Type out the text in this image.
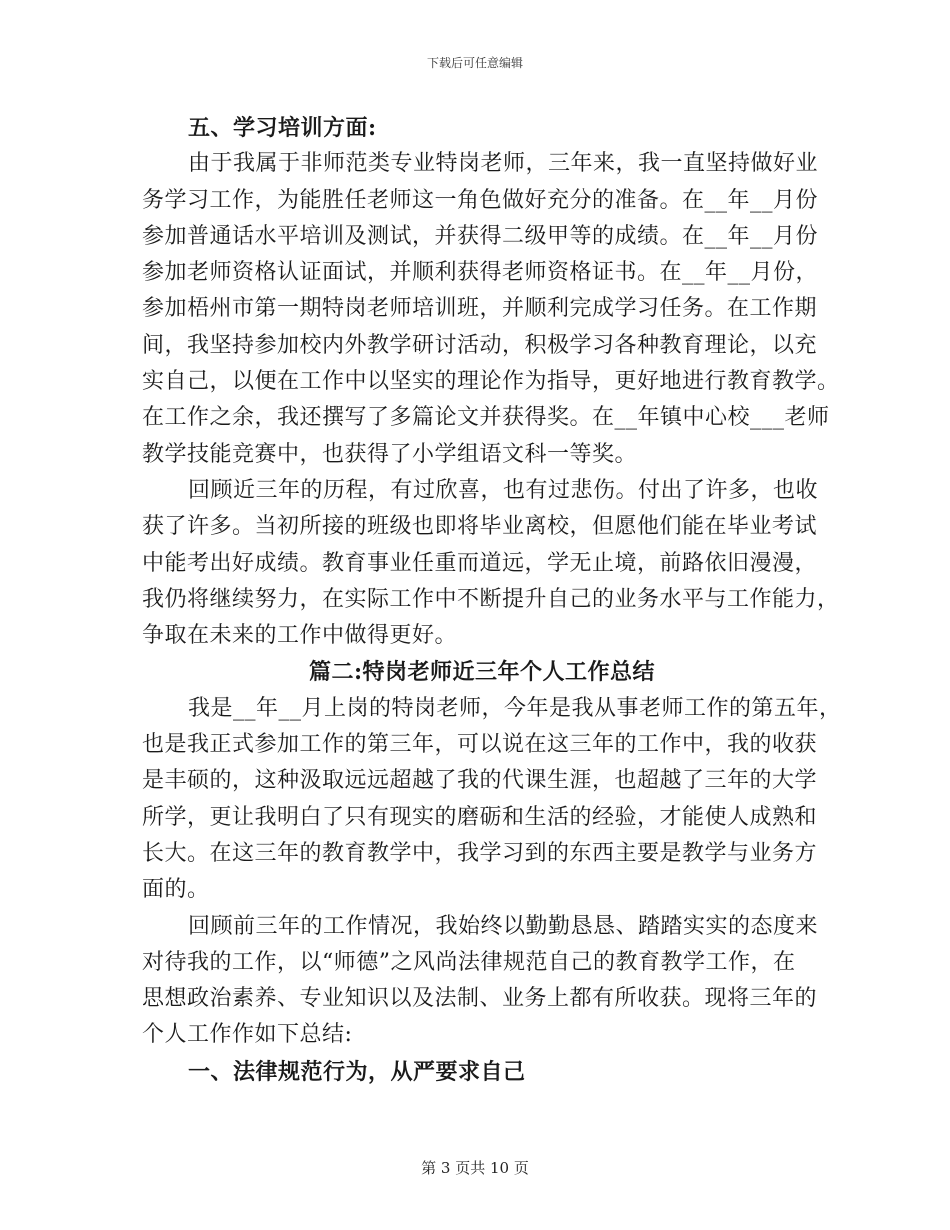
下载后可任意编辑
五、学习培训方面:
由于我属于非师范类专业特岗老师，三年来，我一直坚持做好业
务学习工作，为能胜任老师这一角色做好充分的准备。在__年__月份
参加普通话水平培训及测试，并获得二级甲等的成绩。在__年__月份
参加老师资格认证面试，并顺利获得老师资格证书。在__年__月份，
参加梧州市第一期特岗老师培训班，并顺利完成学习任务。在工作期
间，我坚持参加校内外教学研讨活动，积极学习各种教育理论，以充
实自己，以便在工作中以坚实的理论作为指导，更好地进行教育教学。
在工作之余，我还撰写了多篇论文并获得奖。在__年镇中心校___老师
教学技能竞赛中，也获得了小学组语文科一等奖。
回顾近三年的历程，有过欣喜，也有过悲伤。付出了许多，也收
获了许多。当初所接的班级也即将毕业离校，但愿他们能在毕业考试
中能考出好成绩。教育事业任重而道远，学无止境，前路依旧漫漫，
我仍将继续努力，在实际工作中不断提升自己的业务水平与工作能力，
争取在未来的工作中做得更好。
篇二:特岗老师近三年个人工作总结
我是__年__月上岗的特岗老师，今年是我从事老师工作的第五年，
也是我正式参加工作的第三年，可以说在这三年的工作中，我的收获
是丰硕的，这种汲取远远超越了我的代课生涯，也超越了三年的大学
所学，更让我明白了只有现实的磨砺和生活的经验，才能使人成熟和
长大。在这三年的教育教学中，我学习到的东西主要是教学与业务方
面的。
回顾前三年的工作情况，我始终以勤勤恳恳、踏踏实实的态度来
对待我的工作，以“师德”之风尚法律规范自己的教育教学工作，在
思想政治素养、专业知识以及法制、业务上都有所收获。现将三年的
个人工作作如下总结:
一、法律规范行为，从严要求自己
第 3 页共 10 页
